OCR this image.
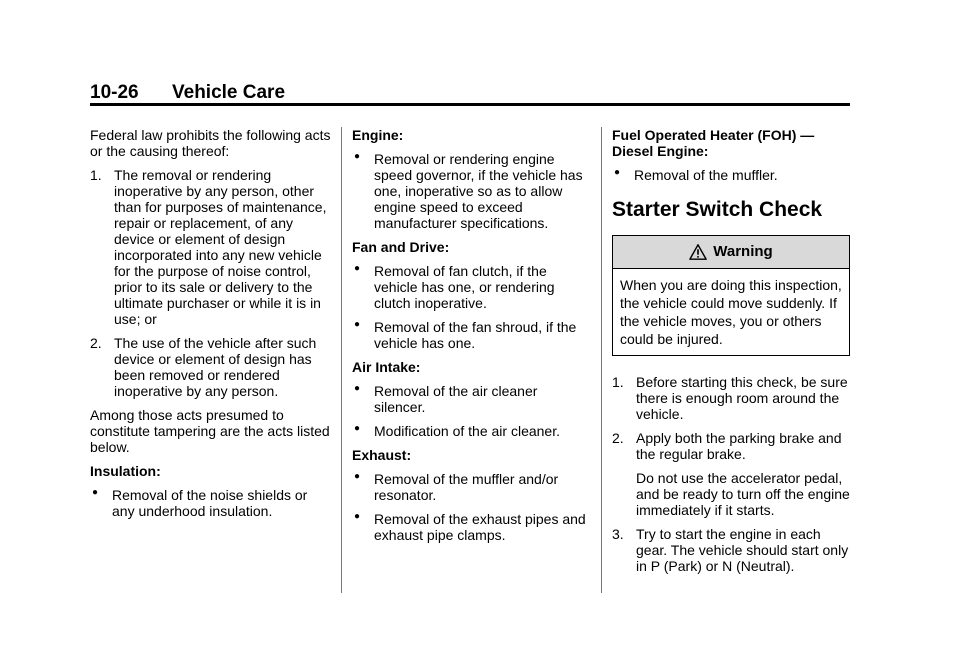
10-26 Vehicle Care

Federal law prohibits the following acts or the causing thereof:

1. The removal or rendering inoperative by any person, other than for purposes of maintenance, repair or replacement, of any device or element of design incorporated into any new vehicle for the purpose of noise control, prior to its sale or delivery to the ultimate purchaser or while it is in use; or
2. The use of the vehicle after such device or element of design has been removed or rendered inoperative by any person.

Among those acts presumed to constitute tampering are the acts listed below.

Insulation:

● Removal of the noise shields or any underhood insulation.

Engine:

● Removal or rendering engine speed governor, if the vehicle has one, inoperative so as to allow engine speed to exceed manufacturer specifications.

Fan and Drive:

● Removal of fan clutch, if the vehicle has one, or rendering clutch inoperative.
● Removal of the fan shroud, if the vehicle has one.

Air Intake:

● Removal of the air cleaner silencer.
● Modification of the air cleaner.

Exhaust:

● Removal of the muffler and/or resonator.
● Removal of the exhaust pipes and exhaust pipe clamps.

Fuel Operated Heater (FOH) — Diesel Engine:

● Removal of the muffler.
Starter Switch Check
Warning
When you are doing this inspection, the vehicle could move suddenly. If the vehicle moves, you or others could be injured.
1. Before starting this check, be sure there is enough room around the vehicle.
2. Apply both the parking brake and the regular brake.
Do not use the accelerator pedal, and be ready to turn off the engine immediately if it starts.
3. Try to start the engine in each gear. The vehicle should start only in P (Park) or N (Neutral).
